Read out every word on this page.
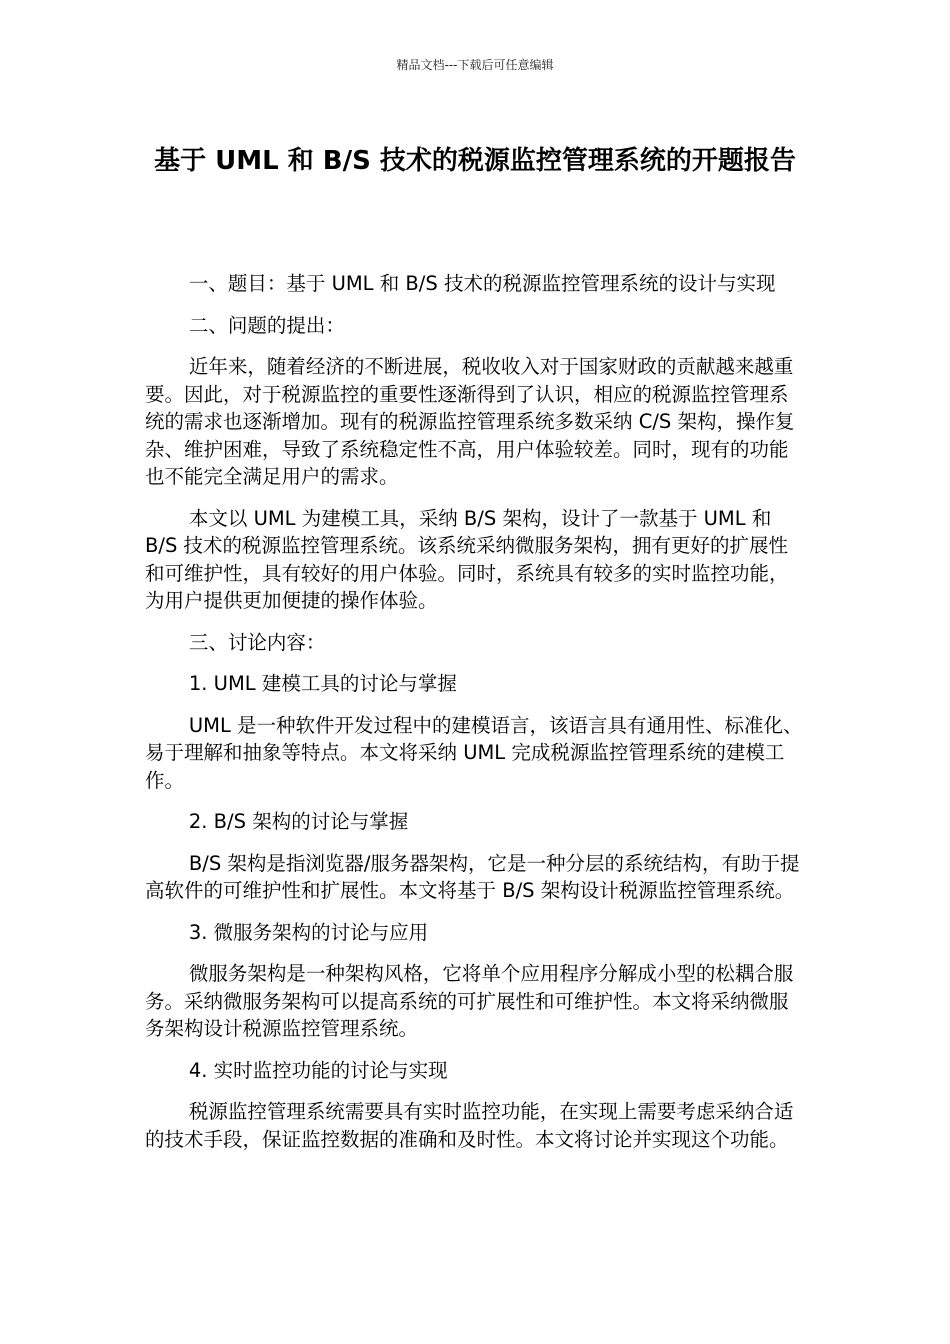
精品文档---下载后可任意编辑
基于 UML 和 B/S 技术的税源监控管理系统的开题报告

一、题目：基于 UML 和 B/S 技术的税源监控管理系统的设计与实现

二、问题的提出：

近年来，随着经济的不断进展，税收收入对于国家财政的贡献越来越重要。因此，对于税源监控的重要性逐渐得到了认识，相应的税源监控管理系统的需求也逐渐增加。现有的税源监控管理系统多数采纳 C/S 架构，操作复杂、维护困难，导致了系统稳定性不高，用户体验较差。同时，现有的功能也不能完全满足用户的需求。

本文以 UML 为建模工具，采纳 B/S 架构，设计了一款基于 UML 和 B/S 技术的税源监控管理系统。该系统采纳微服务架构，拥有更好的扩展性和可维护性，具有较好的用户体验。同时，系统具有较多的实时监控功能，为用户提供更加便捷的操作体验。

三、讨论内容：

1. UML 建模工具的讨论与掌握

UML 是一种软件开发过程中的建模语言，该语言具有通用性、标准化、易于理解和抽象等特点。本文将采纳 UML 完成税源监控管理系统的建模工作。

2. B/S 架构的讨论与掌握

B/S 架构是指浏览器/服务器架构，它是一种分层的系统结构，有助于提高软件的可维护性和扩展性。本文将基于 B/S 架构设计税源监控管理系统。

3. 微服务架构的讨论与应用

微服务架构是一种架构风格，它将单个应用程序分解成小型的松耦合服务。采纳微服务架构可以提高系统的可扩展性和可维护性。本文将采纳微服务架构设计税源监控管理系统。

4. 实时监控功能的讨论与实现

税源监控管理系统需要具有实时监控功能，在实现上需要考虑采纳合适的技术手段，保证监控数据的准确和及时性。本文将讨论并实现这个功能。
